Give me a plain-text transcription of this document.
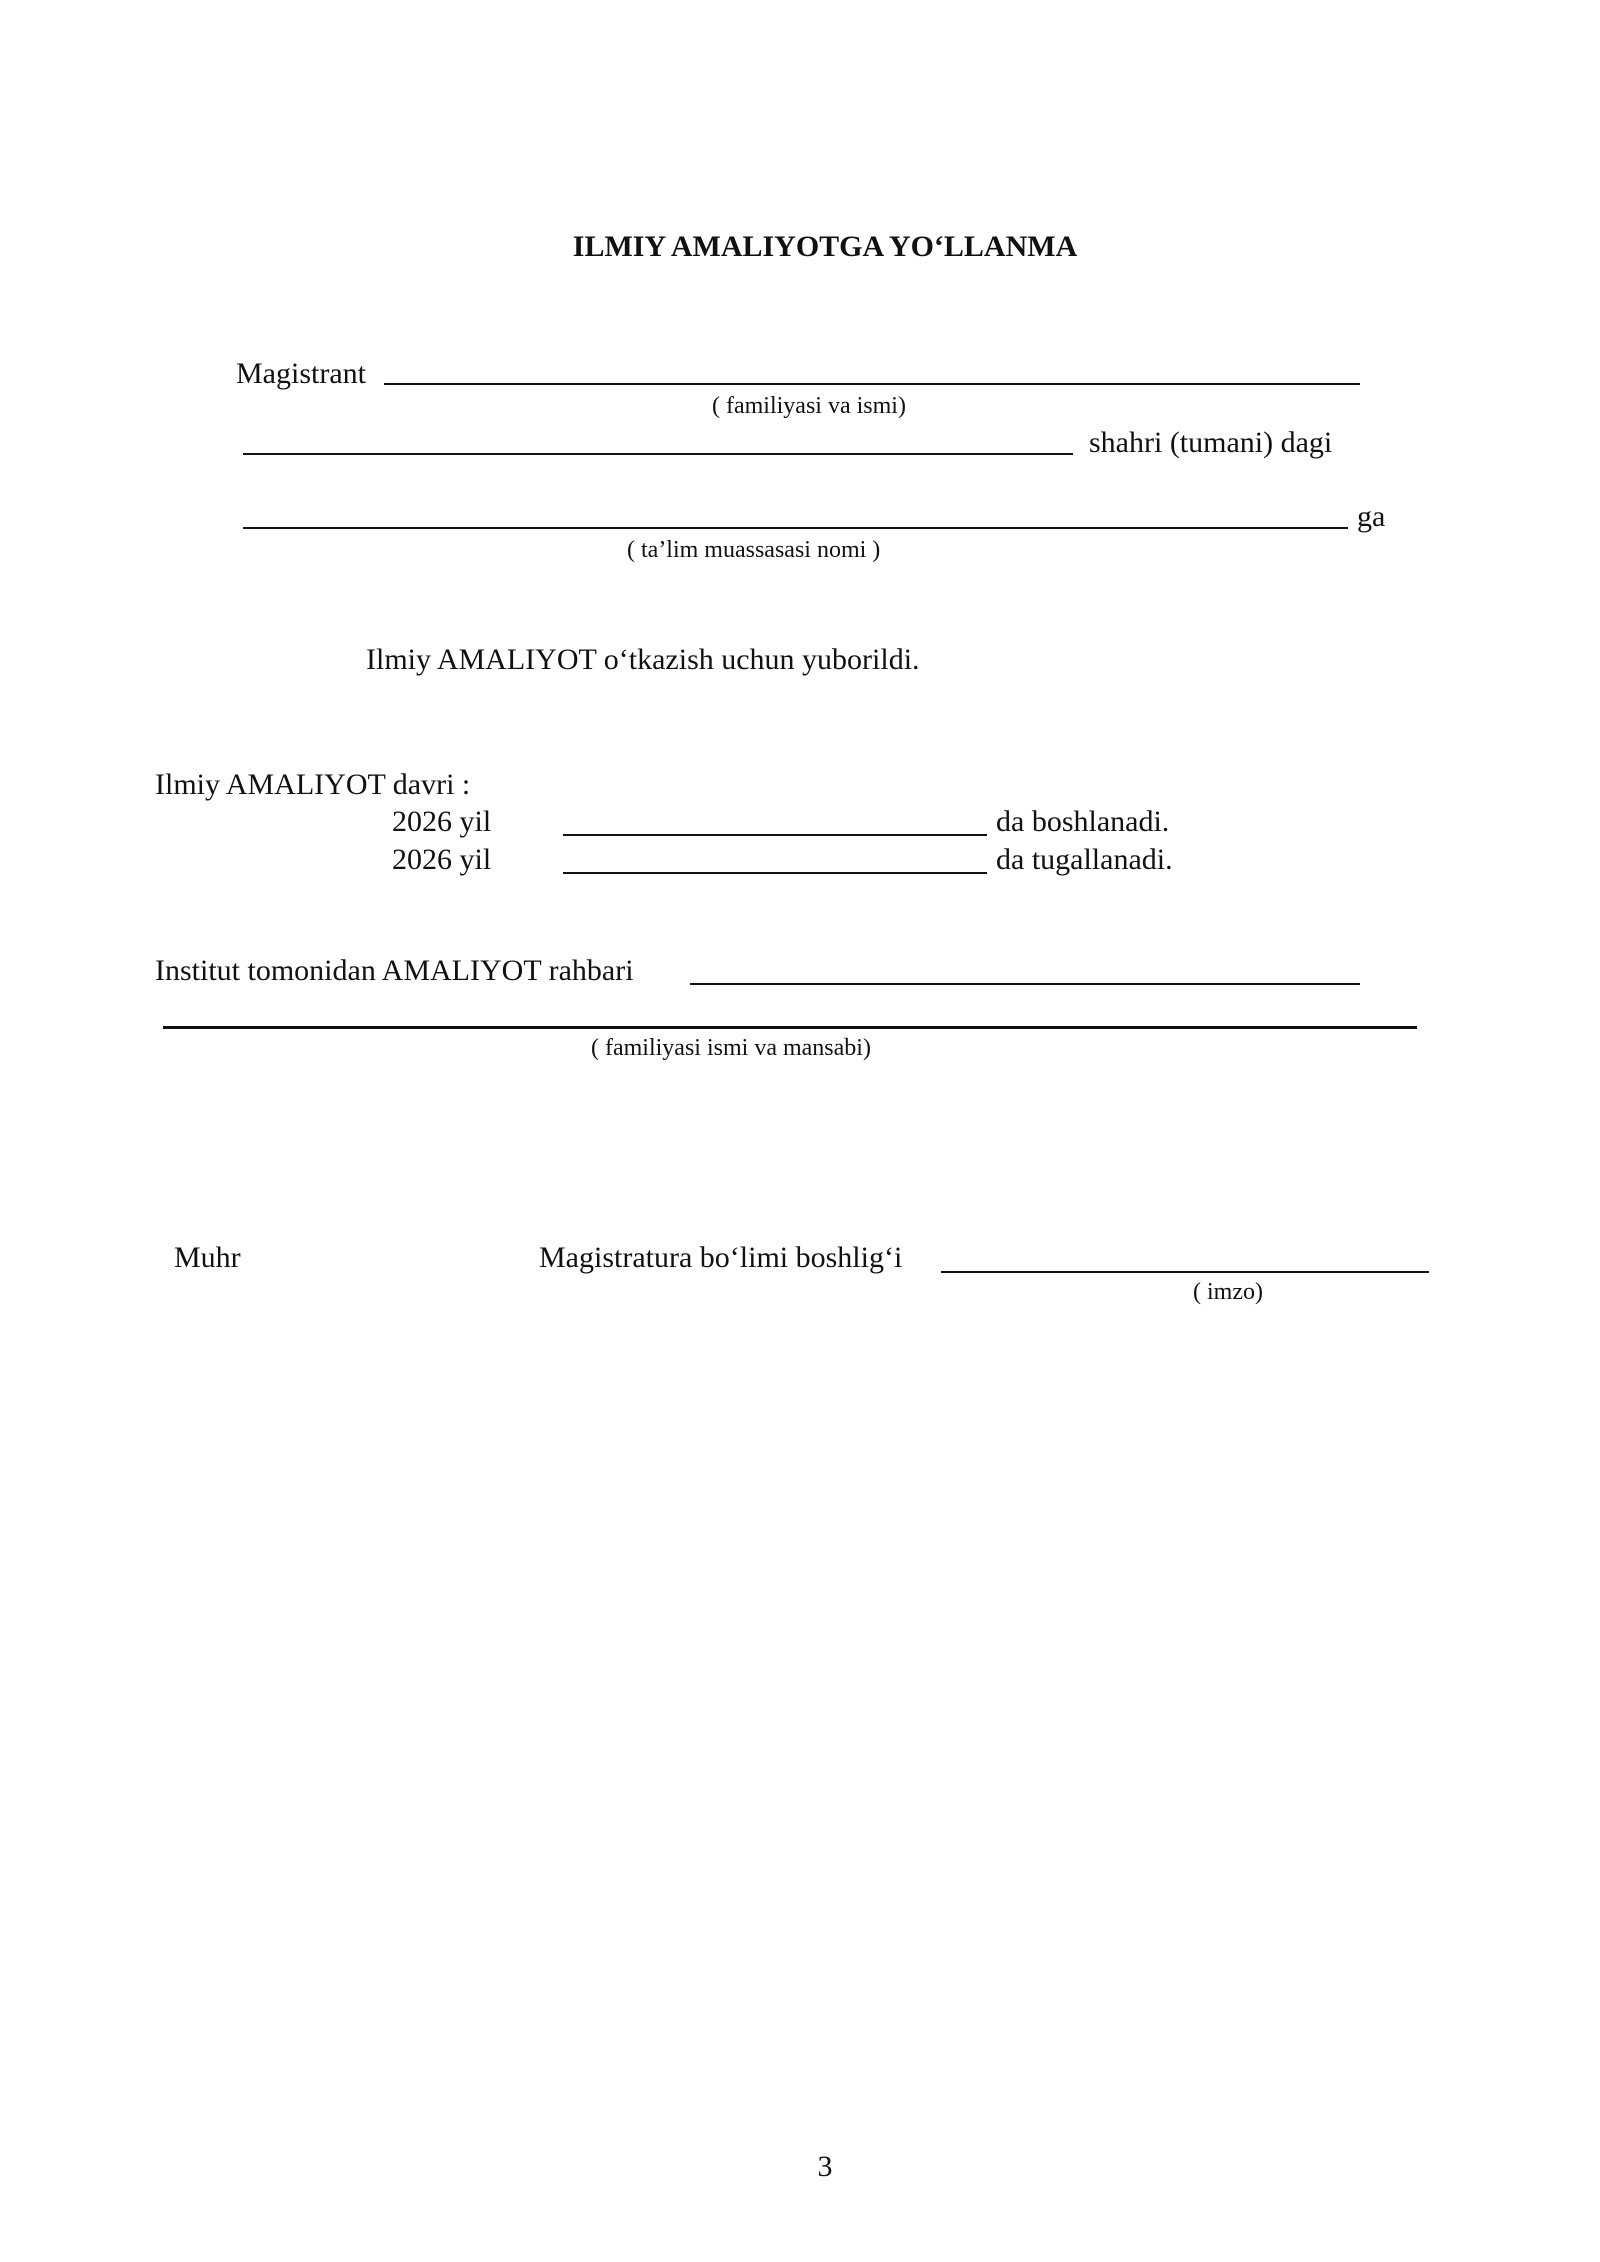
ILMIY AMALIYOTGA YO‘LLANMA
Magistrant
( familiyasi va ismi)
shahri (tumani) dagi
ga
( ta’lim muassasasi nomi )
Ilmiy AMALIYOT o‘tkazish uchun yuborildi.
Ilmiy AMALIYOT davri :
2026 yil	da boshlanadi.
2026 yil	da tugallanadi.
Institut tomonidan AMALIYOT rahbari
( familiyasi ismi va mansabi)
Muhr	Magistratura bo‘limi boshlig‘i
( imzo)
3
